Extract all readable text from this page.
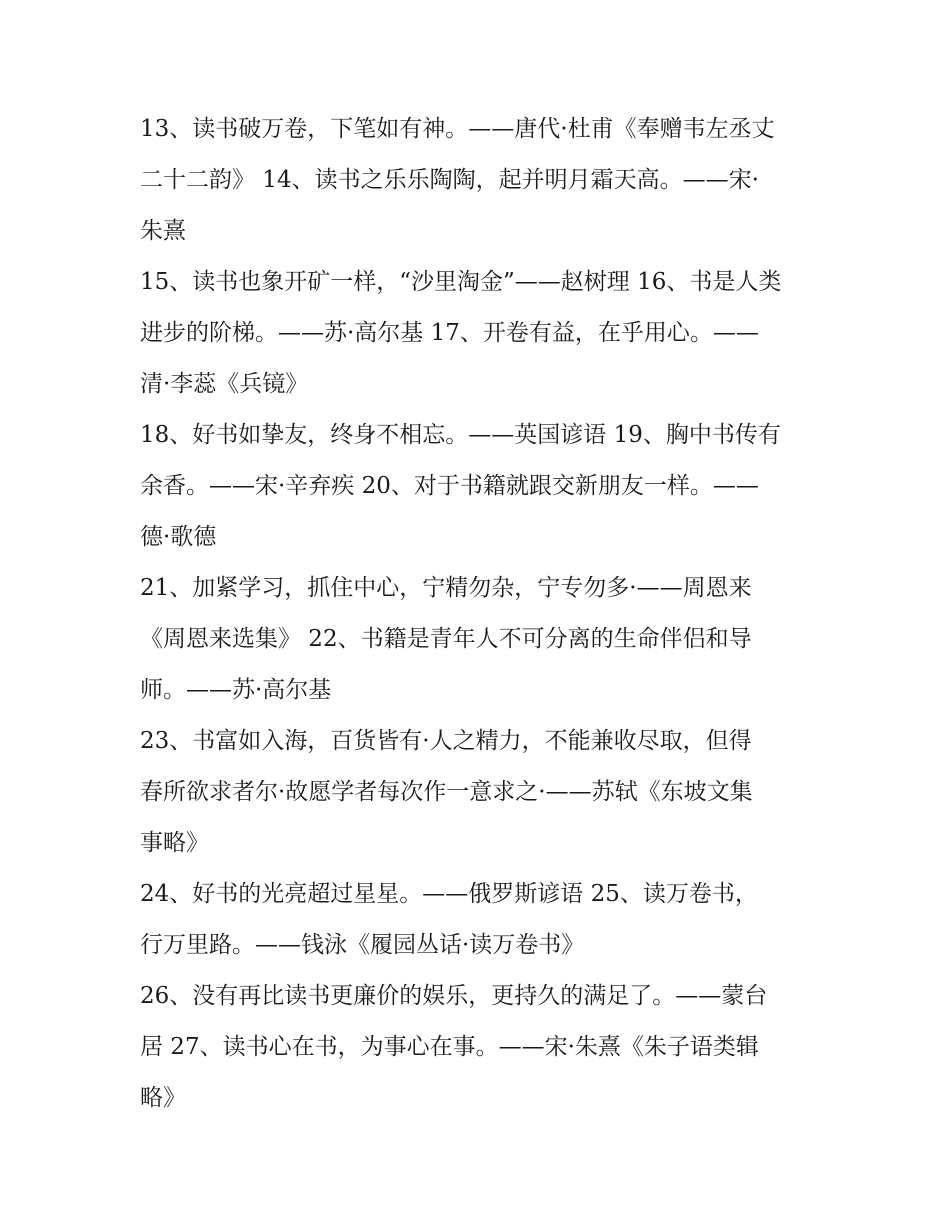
13、读书破万卷，下笔如有神。——唐代·杜甫《奉赠韦左丞丈
二十二韵》 14、读书之乐乐陶陶，起并明月霜天高。——宋·
朱熹

15、读书也象开矿一样，“沙里淘金”——赵树理 16、书是人类
进步的阶梯。——苏·高尔基 17、开卷有益，在乎用心。——
清·李蕊《兵镜》

18、好书如挚友，终身不相忘。——英国谚语 19、胸中书传有
余香。——宋·辛弃疾 20、对于书籍就跟交新朋友一样。——
德·歌德

21、加紧学习，抓住中心，宁精勿杂，宁专勿多·——周恩来
《周恩来选集》 22、书籍是青年人不可分离的生命伴侣和导
师。——苏·高尔基

23、书富如入海，百货皆有·人之精力，不能兼收尽取，但得
春所欲求者尔·故愿学者每次作一意求之·——苏轼《东坡文集
事略》

24、好书的光亮超过星星。——俄罗斯谚语 25、读万卷书，
行万里路。——钱泳《履园丛话·读万卷书》

26、没有再比读书更廉价的娱乐，更持久的满足了。——蒙台
居 27、读书心在书，为事心在事。——宋·朱熹《朱子语类辑
略》
